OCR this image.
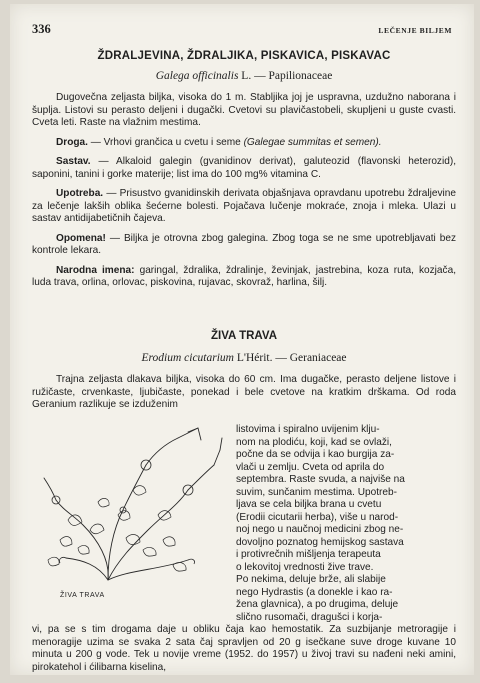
336	LEČENJE BILJEM
ŽDRALJEVINA, ŽDRALJIKA, PISKAVICA, PISKAVAC
Galega officinalis L. — Papilionaceae

Dugovečna zeljasta biljka, visoka do 1 m. Stabljika joj je uspravna, uzdužno naborana i šuplja. Listovi su perasto deljeni i dugački. Cvetovi su plavičastobeli, skupljeni u guste cvasti. Cveta leti. Raste na vlažnim mestima.

Droga. — Vrhovi grančica u cvetu i seme (Galegae summitas et semen).

Sastav. — Alkaloid galegin (gvanidinov derivat), galuteozid (flavonski heterozid), saponini, tanini i gorke materije; list ima do 100 mg% vitamina C.

Upotreba. — Prisustvo gvanidinskih derivata objašnjava opravdanu upotrebu ždraljevine za lečenje lakših oblika šećerne bolesti. Pojačava lučenje mokraće, znoja i mleka. Ulazi u sastav antidijabetičnih čajeva.

Opomena! — Biljka je otrovna zbog galegina. Zbog toga se ne sme upotrebljavati bez kontrole lekara.

Narodna imena: garingal, ždralika, ždralinje, ževinjak, jastrebina, koza ruta, kozjača, luda trava, orlina, orlovac, piskovina, rujavac, skovraž, harlina, šilj.

ŽIVA TRAVA
Erodium cicutarium L'Hérit. — Geraniaceae

Trajna zeljasta dlakava biljka, visoka do 60 cm. Ima dugačke, perasto deljene listove i ružičaste, crvenkaste, ljubičaste, ponekad i bele cvetove na kratkim drškama. Od roda Geranium razlikuje se izduženim

ŽIVA TRAVA
listovima i spiralno uvijenim klju-
nom na plodiću, koji, kad se ovlaži,
počne da se odvija i kao burgija za-
vlači u zemlju. Cveta od aprila do
septembra. Raste svuda, a najviše na
suvim, sunčanim mestima. Upotreb-
ljava se cela biljka brana u cvetu
(Erodii cicutarii herba), više u narod-
noj nego u naučnoj medicini zbog ne-
dovoljno poznatog hemijskog sastava
i protivrečnih mišljenja terapeuta
o lekovitoj vrednosti žive trave.
Po nekima, deluje brže, ali slabije
nego Hydrastis (a donekle i kao ra-
žena glavnica), a po drugima, deluje
slično rusomači, dragušci i korja-

vi, pa se s tim drogama daje u obliku čaja kao hemostatik. Za suzbijanje metroragije i menoragije uzima se svaka 2 sata čaj spravljen od 20 g isečkane suve droge kuvane 10 minuta u 200 g vode. Tek u novije vreme (1952. do 1957) u živoj travi su nađeni neki amini, pirokatehol i ćilibarna kiselina,
